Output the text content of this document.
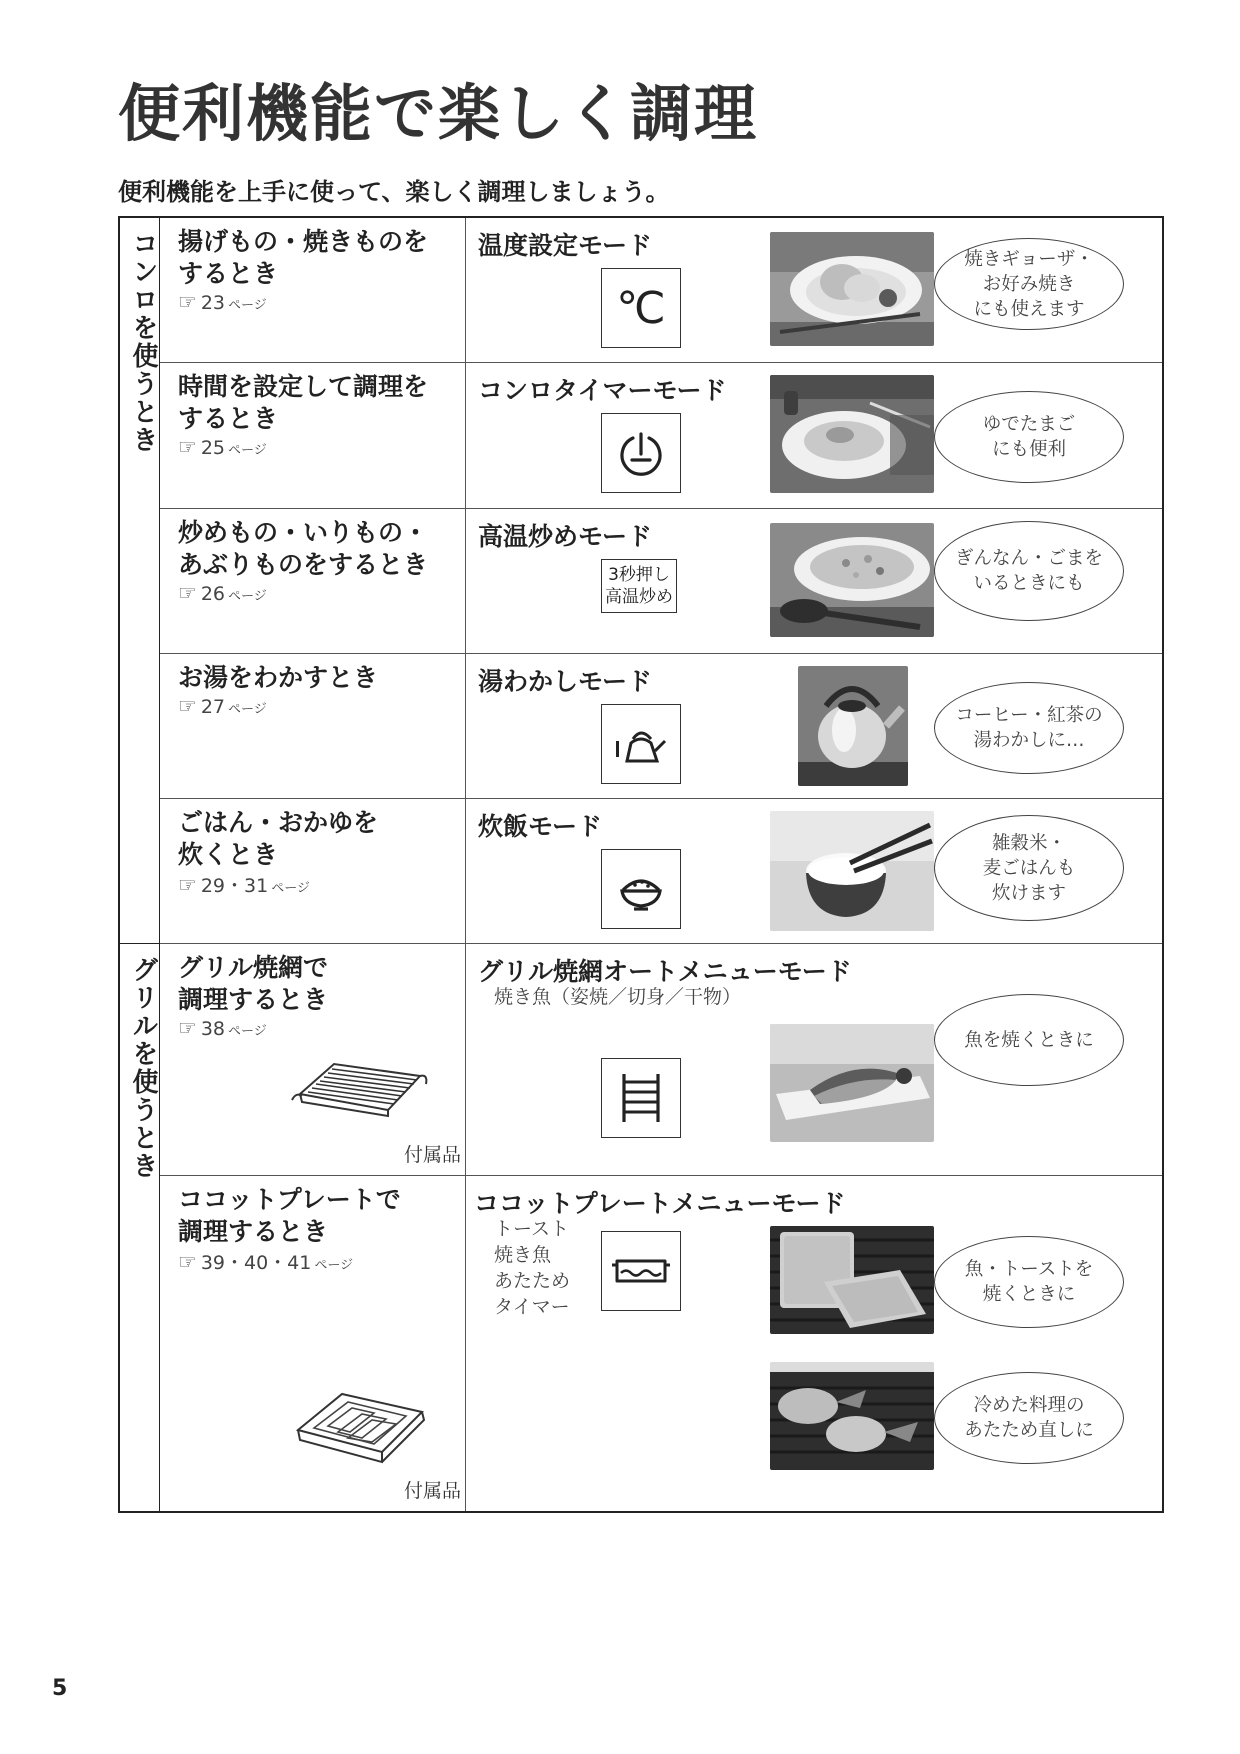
便利機能で楽しく調理

便利機能を上手に使って、楽しく調理しましょう。

コンロを使うとき
グリルを使うとき
揚げもの・焼きものを
するとき
☞ 23 ページ
温度設定モード
℃
焼きギョーザ・
お好み焼き
にも使えます
時間を設定して調理を
するとき
☞ 25 ページ
コンロタイマーモード
ゆでたまご
にも便利
炒めもの・いりもの・
あぶりものをするとき
☞ 26 ページ
高温炒めモード
3秒押し
高温炒め
ぎんなん・ごまを
いるときにも
お湯をわかすとき
☞ 27 ページ
湯わかしモード
コーヒー・紅茶の
湯わかしに…
ごはん・おかゆを
炊くとき
☞ 29・31 ページ
炊飯モード
雑穀米・
麦ごはんも
炊けます
グリル焼網で
調理するとき
☞ 38 ページ
付属品
グリル焼網オートメニューモード
焼き魚（姿焼／切身／干物）
魚を焼くときに
ココットプレートで
調理するとき
☞ 39・40・41 ページ
付属品
ココットプレートメニューモード
トースト
焼き魚
あたため
タイマー
魚・トーストを
焼くときに
冷めた料理の
あたため直しに
5
